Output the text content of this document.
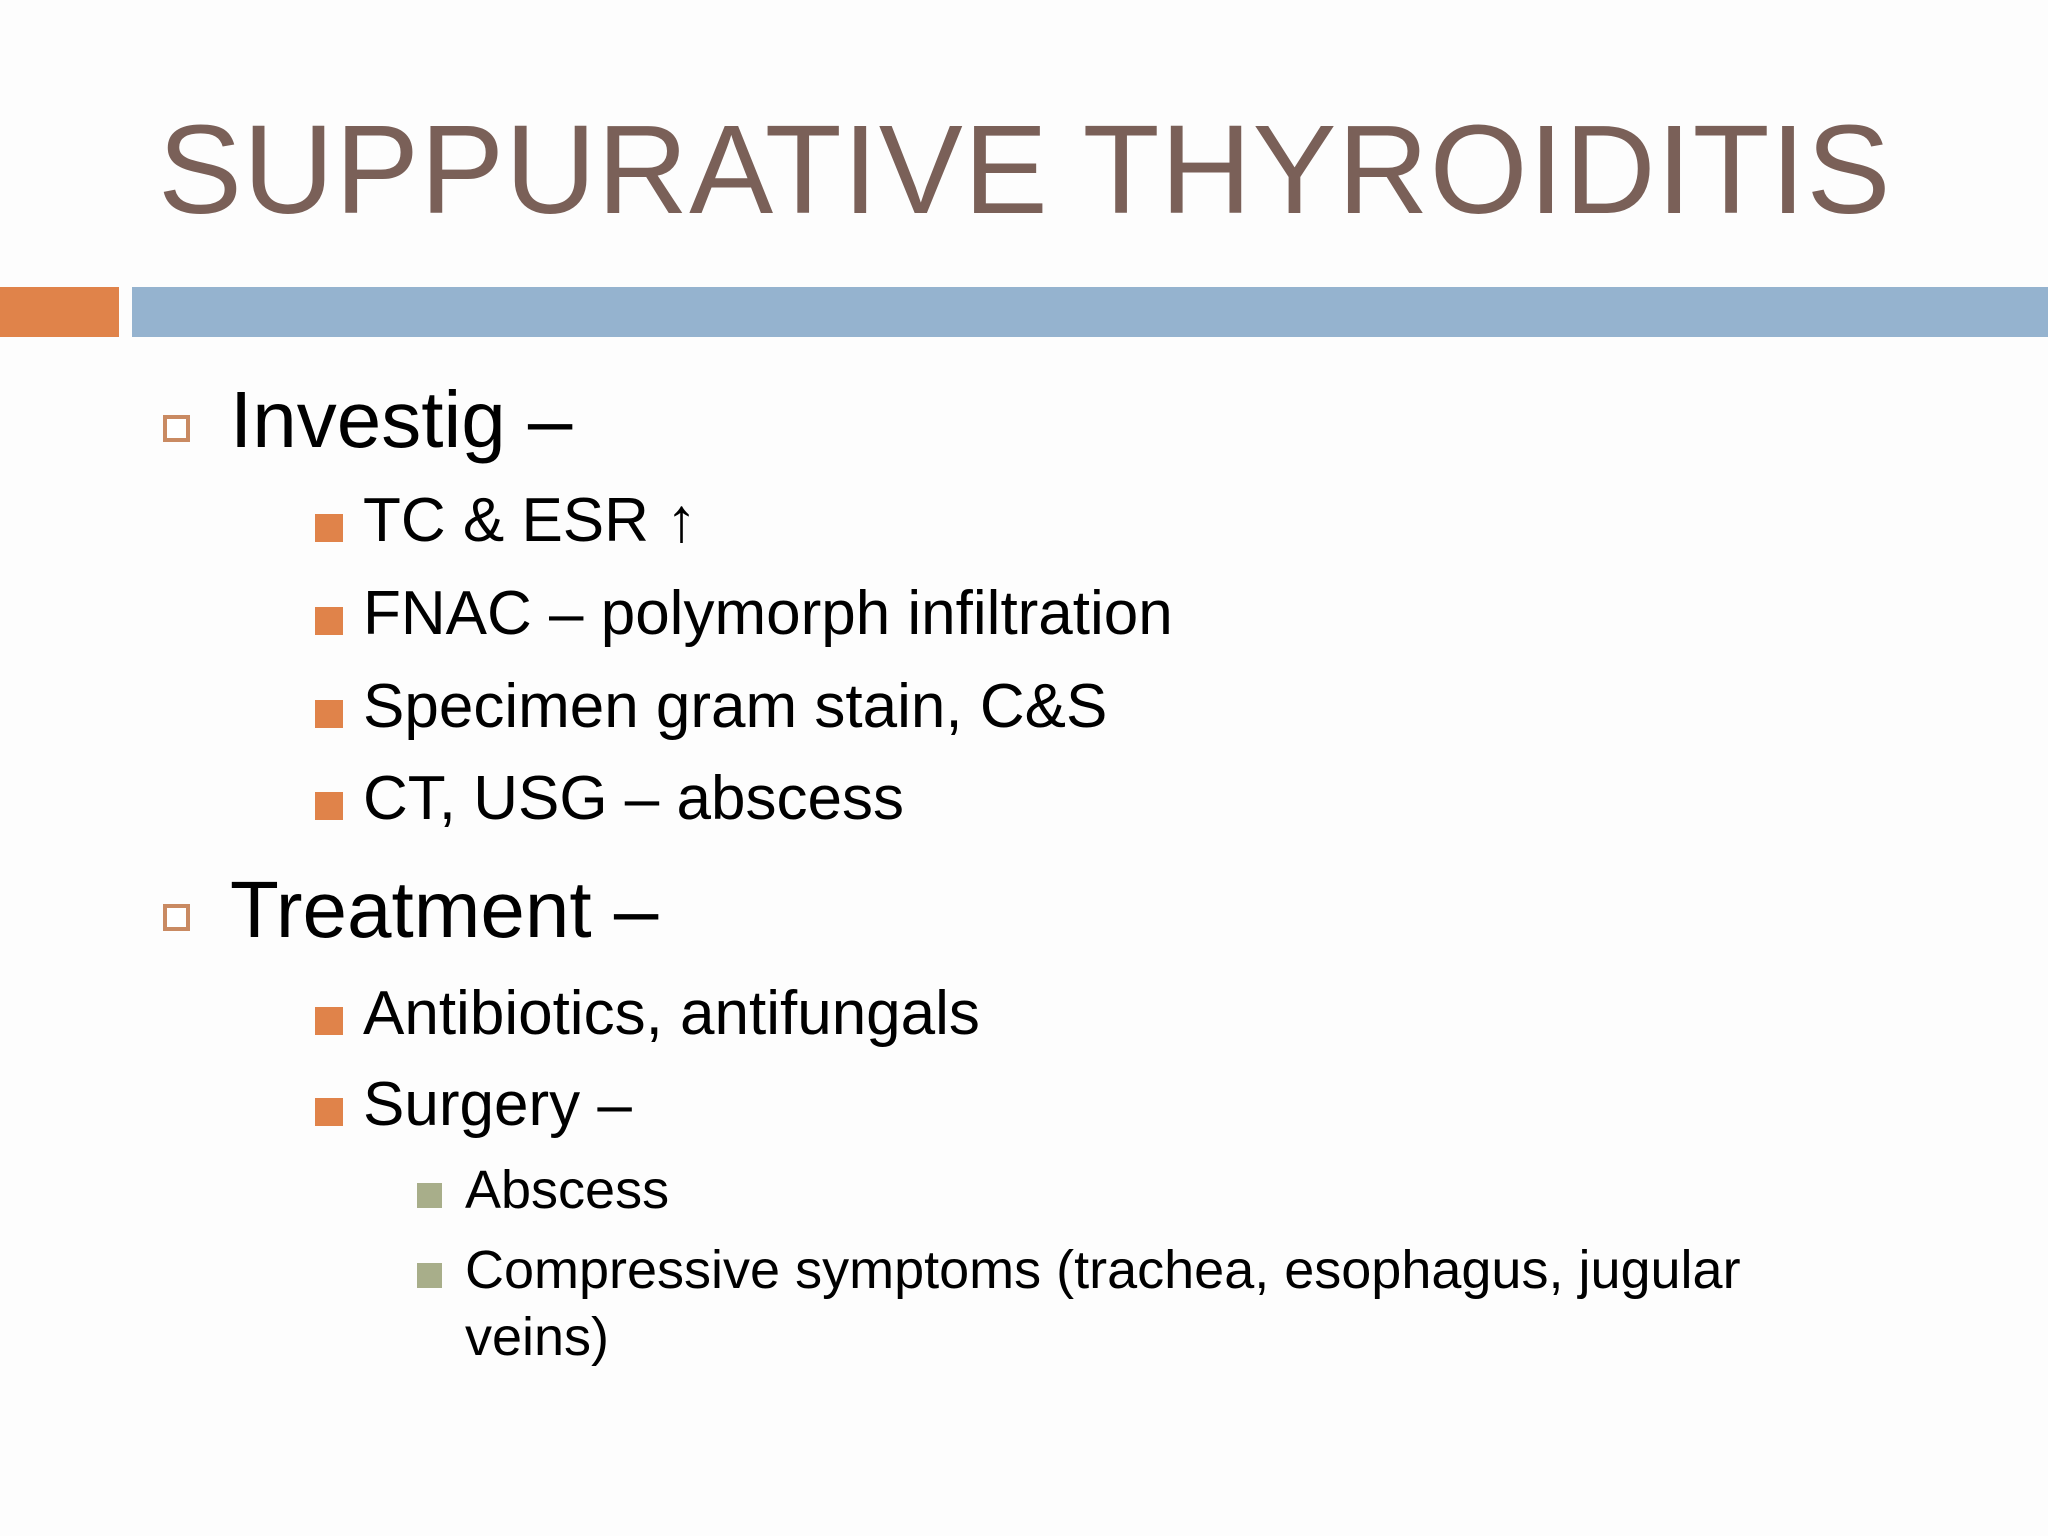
SUPPURATIVE THYROIDITIS
Investig –
TC & ESR ↑
FNAC – polymorph infiltration
Specimen gram stain, C&S
CT, USG – abscess
Treatment –
Antibiotics, antifungals
Surgery –
Abscess
Compressive symptoms (trachea, esophagus, jugular
veins)
